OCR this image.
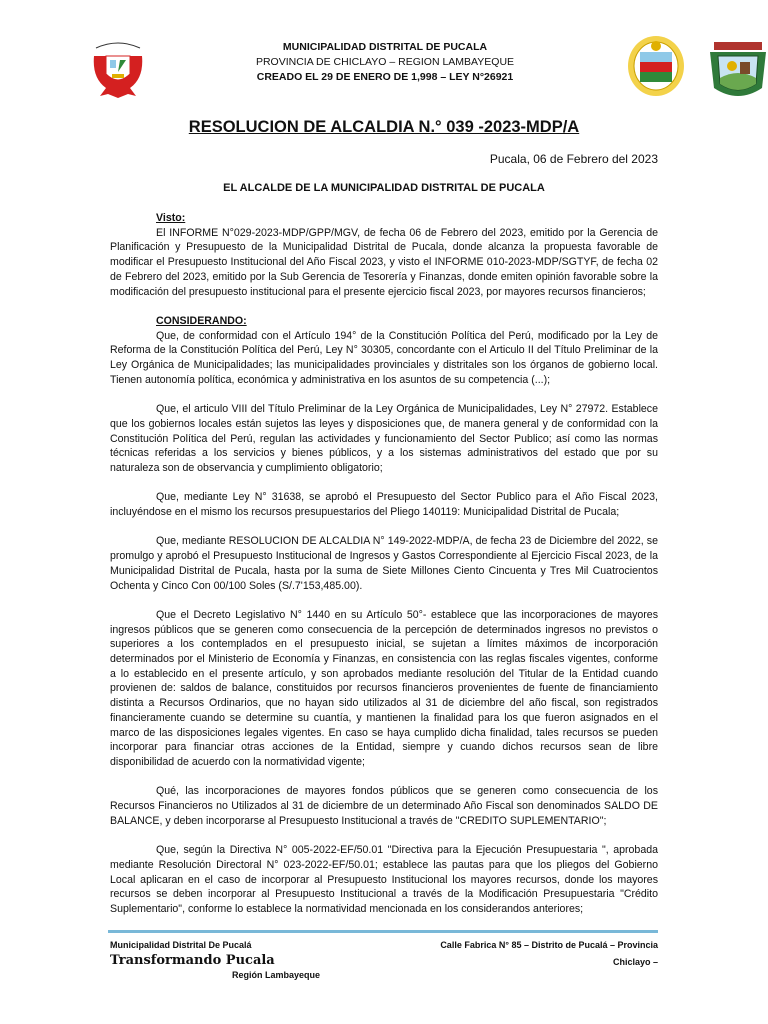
MUNICIPALIDAD DISTRITAL DE PUCALA
PROVINCIA DE CHICLAYO – REGION LAMBAYEQUE
CREADO EL 29 DE ENERO DE 1,998 – LEY N°26921
RESOLUCION DE ALCALDIA N.° 039 -2023-MDP/A
Pucala, 06 de Febrero del 2023
EL ALCALDE DE LA MUNICIPALIDAD DISTRITAL DE PUCALA
Visto:

El INFORME N°029-2023-MDP/GPP/MGV, de fecha 06 de Febrero del 2023, emitido por la Gerencia de Planificación y Presupuesto de la Municipalidad Distrital de Pucala, donde alcanza la propuesta favorable de modificar el Presupuesto Institucional del Año Fiscal 2023, y visto el INFORME 010-2023-MDP/SGTYF, de fecha 02 de Febrero del 2023, emitido por la Sub Gerencia de Tesorería y Finanzas, donde emiten opinión favorable sobre la modificación del presupuesto institucional para el presente ejercicio fiscal 2023, por mayores recursos financieros;

CONSIDERANDO:

Que, de conformidad con el Artículo 194° de la Constitución Política del Perú, modificado por la Ley de Reforma de la Constitución Política del Perú, Ley N° 30305, concordante con el Articulo II del Título Preliminar de la Ley Orgánica de Municipalidades; las municipalidades provinciales y distritales son los órganos de gobierno local. Tienen autonomía política, económica y administrativa en los asuntos de su competencia (...);

Que, el articulo VIII del Título Preliminar de la Ley Orgánica de Municipalidades, Ley N° 27972. Establece que los gobiernos locales están sujetos las leyes y disposiciones que, de manera general y de conformidad con la Constitución Política del Perú, regulan las actividades y funcionamiento del Sector Publico; así como las normas técnicas referidas a los servicios y bienes públicos, y a los sistemas administrativos del estado que por su naturaleza son de observancia y cumplimiento obligatorio;

Que, mediante Ley N° 31638, se aprobó el Presupuesto del Sector Publico para el Año Fiscal 2023, incluyéndose en el mismo los recursos presupuestarios del Pliego 140119: Municipalidad Distrital de Pucala;

Que, mediante RESOLUCION DE ALCALDIA N° 149-2022-MDP/A, de fecha 23 de Diciembre del 2022, se promulgo y aprobó el Presupuesto Institucional de Ingresos y Gastos Correspondiente al Ejercicio Fiscal 2023, de la Municipalidad Distrital de Pucala, hasta por la suma de Siete Millones Ciento Cincuenta y Tres Mil Cuatrocientos Ochenta y Cinco Con 00/100 Soles (S/.7'153,485.00).

Que el Decreto Legislativo N° 1440 en su Artículo 50°- establece que las incorporaciones de mayores ingresos públicos que se generen como consecuencia de la percepción de determinados ingresos no previstos o superiores a los contemplados en el presupuesto inicial, se sujetan a límites máximos de incorporación determinados por el Ministerio de Economía y Finanzas, en consistencia con las reglas fiscales vigentes, conforme a lo establecido en el presente artículo, y son aprobados mediante resolución del Titular de la Entidad cuando provienen de: saldos de balance, constituidos por recursos financieros provenientes de fuente de financiamiento distinta a Recursos Ordinarios, que no hayan sido utilizados al 31 de diciembre del año fiscal, son registrados financieramente cuando se determine su cuantía, y mantienen la finalidad para los que fueron asignados en el marco de las disposiciones legales vigentes. En caso se haya cumplido dicha finalidad, tales recursos se pueden incorporar para financiar otras acciones de la Entidad, siempre y cuando dichos recursos sean de libre disponibilidad de acuerdo con la normatividad vigente;

Qué, las incorporaciones de mayores fondos públicos que se generen como consecuencia de los Recursos Financieros no Utilizados al 31 de diciembre de un determinado Año Fiscal son denominados SALDO DE BALANCE, y deben incorporarse al Presupuesto Institucional a través de "CREDITO SUPLEMENTARIO";

Que, según la Directiva N° 005-2022-EF/50.01 "Directiva para la Ejecución Presupuestaria ", aprobada mediante Resolución Directoral N° 023-2022-EF/50.01; establece las pautas para que los pliegos del Gobierno Local aplicaran en el caso de incorporar al Presupuesto Institucional los mayores recursos, donde los mayores recursos se deben incorporar al Presupuesto Institucional a través de la Modificación Presupuestaria "Crédito Suplementario", conforme lo establece la normatividad mencionada en los considerandos anteriores;

Municipalidad Distrital De Pucalá
Transformando Pucala
Región Lambayeque
Calle Fabrica N° 85 – Distrito de Pucalá – Provincia
Chiclayo –
